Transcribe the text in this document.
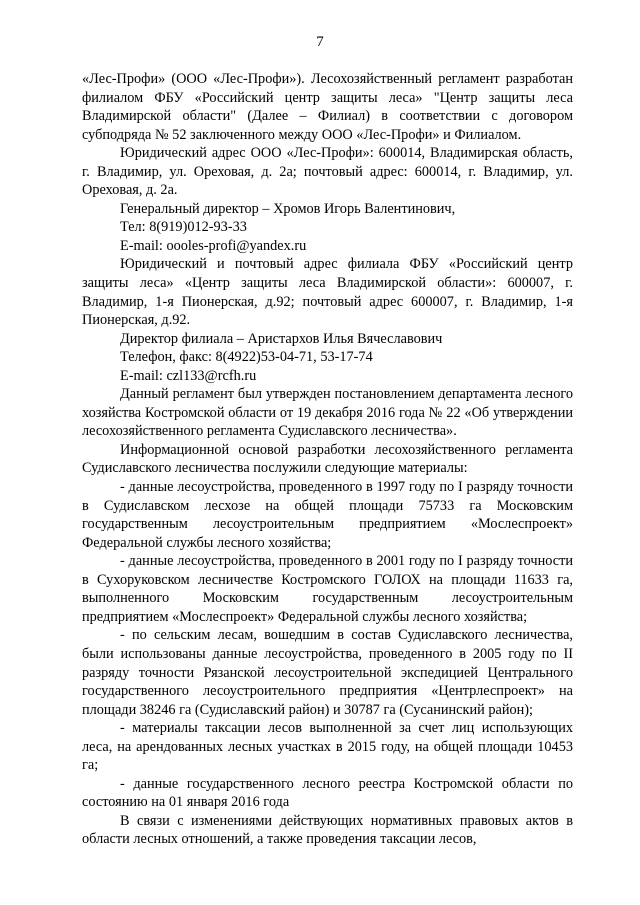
7

«Лес-Профи» (ООО «Лес-Профи»). Лесохозяйственный регламент разработан филиалом ФБУ «Российский центр защиты леса» "Центр защиты леса Владимирской области" (Далее – Филиал) в соответствии с договором субподряда № 52 заключенного между ООО «Лес-Профи» и Филиалом.

Юридический адрес ООО «Лес-Профи»: 600014, Владимирская область, г. Владимир, ул. Ореховая, д. 2а; почтовый адрес: 600014, г. Владимир, ул. Ореховая, д. 2а.

Генеральный директор – Хромов Игорь Валентинович,

Тел: 8(919)012-93-33

E-mail: oooles-profi@yandex.ru

Юридический и почтовый адрес филиала ФБУ «Российский центр защиты леса» «Центр защиты леса Владимирской области»: 600007, г. Владимир, 1-я Пионерская, д.92; почтовый адрес 600007, г. Владимир, 1-я Пионерская, д.92.

Директор филиала – Аристархов Илья Вячеславович

Телефон, факс: 8(4922)53-04-71, 53-17-74

E-mail: czl133@rcfh.ru

Данный регламент был утвержден постановлением департамента лесного хозяйства Костромской области от 19 декабря 2016 года № 22 «Об утверждении лесохозяйственного регламента Судиславского лесничества».

Информационной основой разработки лесохозяйственного регламента Судиславского лесничества послужили следующие материалы:

- данные лесоустройства, проведенного в 1997 году по I разряду точности в Судиславском лесхозе на общей площади 75733 га Московским государственным лесоустроительным предприятием «Мослеспроект» Федеральной службы лесного хозяйства;

- данные лесоустройства, проведенного в 2001 году по I разряду точности в Сухоруковском лесничестве Костромского ГОЛОХ на площади 11633 га, выполненного Московским государственным лесоустроительным предприятием «Мослеспроект» Федеральной службы лесного хозяйства;

- по сельским лесам, вошедшим в состав Судиславского лесничества, были использованы данные лесоустройства, проведенного в 2005 году по II разряду точности Рязанской лесоустроительной экспедицией Центрального государственного лесоустроительного предприятия «Центрлеспроект» на площади 38246 га (Судиславский район) и 30787 га (Сусанинский район);

- материалы таксации лесов выполненной за счет лиц использующих леса, на арендованных лесных участках в 2015 году, на общей площади 10453 га;

- данные государственного лесного реестра Костромской области по состоянию на 01 января 2016 года

В связи с изменениями действующих нормативных правовых актов в области лесных отношений, а также проведения таксации лесов,
